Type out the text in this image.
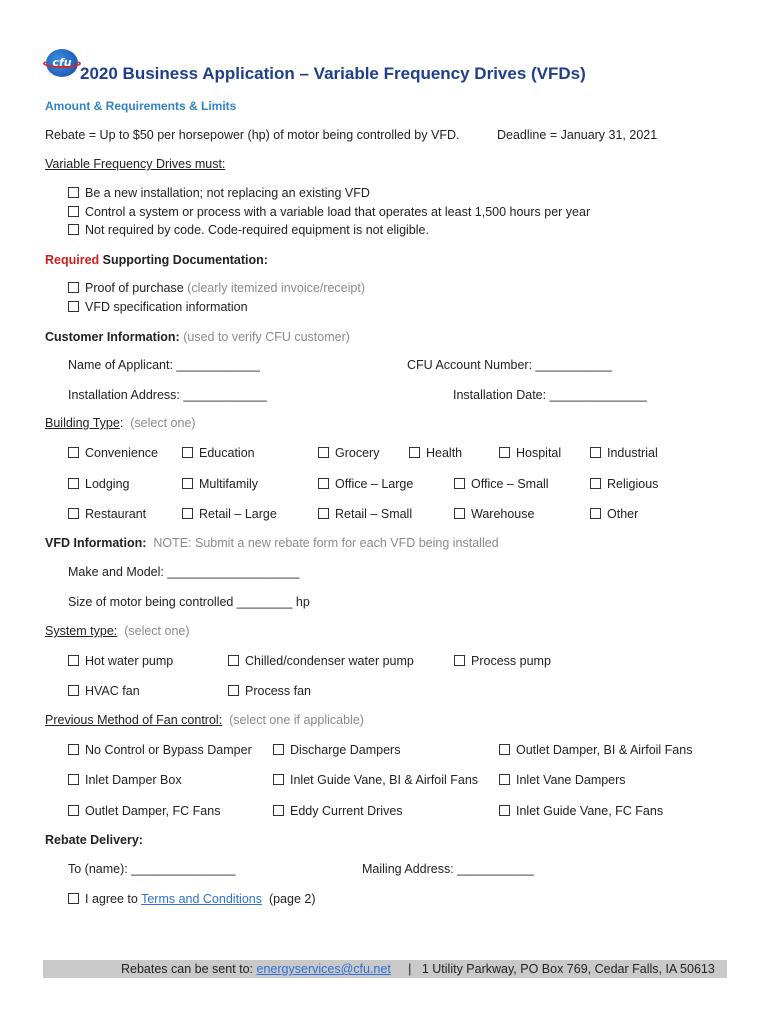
cfu
2020 Business Application – Variable Frequency Drives (VFDs)
Amount & Requirements & Limits
Rebate = Up to $50 per horsepower (hp) of motor being controlled by VFD.	Deadline = January 31, 2021
Variable Frequency Drives must:
Be a new installation; not replacing an existing VFD
Control a system or process with a variable load that operates at least 1,500 hours per year
Not required by code. Code-required equipment is not eligible.
Required Supporting Documentation:
Proof of purchase (clearly itemized invoice/receipt)
VFD specification information
Customer Information: (used to verify CFU customer)
Name of Applicant: ____________	CFU Account Number: ___________
Installation Address: ____________	Installation Date: ______________
Building Type:  (select one)
Convenience	Education	Grocery	Health	Hospital	Industrial
Lodging	Multifamily	Office – Large	Office – Small	Religious
Restaurant	Retail – Large	Retail – Small	Warehouse	Other
VFD Information: NOTE: Submit a new rebate form for each VFD being installed
Make and Model: ___________________
Size of motor being controlled ________ hp
System type: (select one)
Hot water pump	Chilled/condenser water pump	Process pump
HVAC fan	Process fan
Previous Method of Fan control: (select one if applicable)
No Control or Bypass Damper	Discharge Dampers	Outlet Damper, BI & Airfoil Fans
Inlet Damper Box	Inlet Guide Vane, BI & Airfoil Fans	Inlet Vane Dampers
Outlet Damper, FC Fans	Eddy Current Drives	Inlet Guide Vane, FC Fans
Rebate Delivery:
To (name): _______________	Mailing Address: ___________
I agree to Terms and Conditions (page 2)
Rebates can be sent to: energyservices@cfu.net | 1 Utility Parkway, PO Box 769, Cedar Falls, IA 50613
